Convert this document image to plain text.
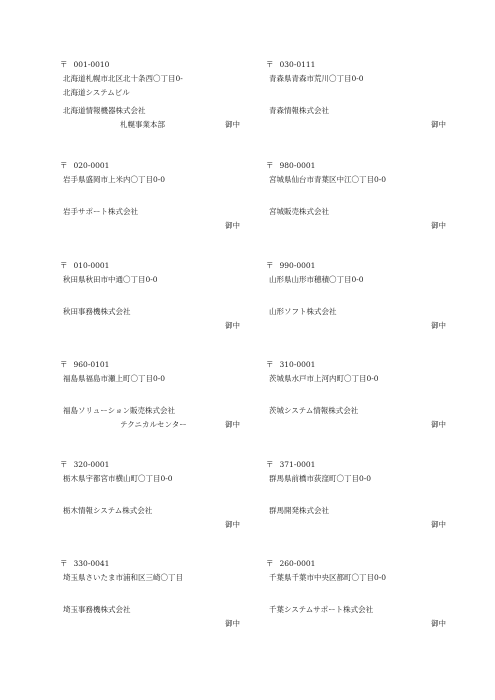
〒 001-0010
北海道札幌市北区北十条西〇丁目0-
北海道システムビル
北海道情報機器株式会社
札幌事業本部	御中
〒 030-0111
青森県青森市荒川〇丁目0-0
青森情報株式会社
御中
〒 020-0001
岩手県盛岡市上米内〇丁目0-0
岩手サポート株式会社
御中
〒 980-0001
宮城県仙台市青葉区中江〇丁目0-0
宮城販売株式会社
御中
〒 010-0001
秋田県秋田市中通〇丁目0-0
秋田事務機株式会社
御中
〒 990-0001
山形県山形市穂積〇丁目0-0
山形ソフト株式会社
御中
〒 960-0101
福島県福島市瀬上町〇丁目0-0
福島ソリューション販売株式会社
テクニカルセンター	御中
〒 310-0001
茨城県水戸市上河内町〇丁目0-0
茨城システム情報株式会社
御中
〒 320-0001
栃木県宇都宮市横山町〇丁目0-0
栃木情報システム株式会社
御中
〒 371-0001
群馬県前橋市荻窪町〇丁目0-0
群馬開発株式会社
御中
〒 330-0041
埼玉県さいたま市浦和区三崎〇丁目
埼玉事務機株式会社
御中
〒 260-0001
千葉県千葉市中央区都町〇丁目0-0
千葉システムサポート株式会社
御中
